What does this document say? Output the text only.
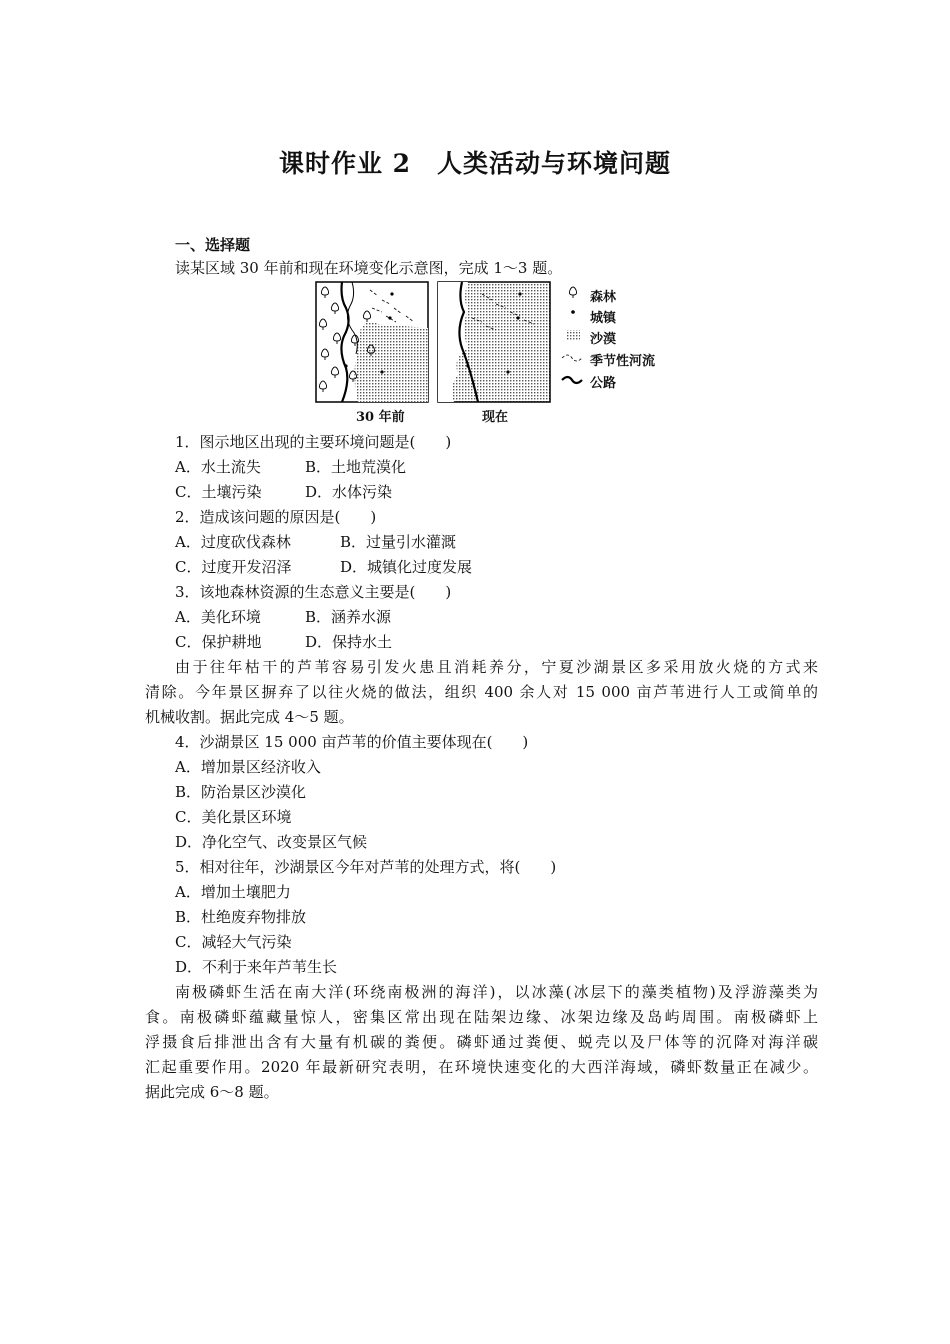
课时作业 2 人类活动与环境问题
一、选择题
读某区域 30 年前和现在环境变化示意图，完成 1～3 题。
30 年前	现在
森林
城镇
沙漠
季节性河流
公路
1．图示地区出现的主要环境问题是(　　)
A．水土流失	B．土地荒漠化
C．土壤污染	D．水体污染
2．造成该问题的原因是(　　)
A．过度砍伐森林	B．过量引水灌溉
C．过度开发沼泽	D．城镇化过度发展
3．该地森林资源的生态意义主要是(　　)
A．美化环境	B．涵养水源
C．保护耕地	D．保持水土
由于往年枯干的芦苇容易引发火患且消耗养分，宁夏沙湖景区多采用放火烧的方式来
清除。今年景区摒弃了以往火烧的做法，组织 400 余人对 15 000 亩芦苇进行人工或简单的
机械收割。据此完成 4～5 题。
4．沙湖景区 15 000 亩芦苇的价值主要体现在(　　)
A．增加景区经济收入
B．防治景区沙漠化
C．美化景区环境
D．净化空气、改变景区气候
5．相对往年，沙湖景区今年对芦苇的处理方式，将(　　)
A．增加土壤肥力
B．杜绝废弃物排放
C．减轻大气污染
D．不利于来年芦苇生长
南极磷虾生活在南大洋(环绕南极洲的海洋)，以冰藻(冰层下的藻类植物)及浮游藻类为
食。南极磷虾蕴藏量惊人，密集区常出现在陆架边缘、冰架边缘及岛屿周围。南极磷虾上
浮摄食后排泄出含有大量有机碳的粪便。磷虾通过粪便、蜕壳以及尸体等的沉降对海洋碳
汇起重要作用。2020 年最新研究表明，在环境快速变化的大西洋海域，磷虾数量正在减少。
据此完成 6～8 题。
